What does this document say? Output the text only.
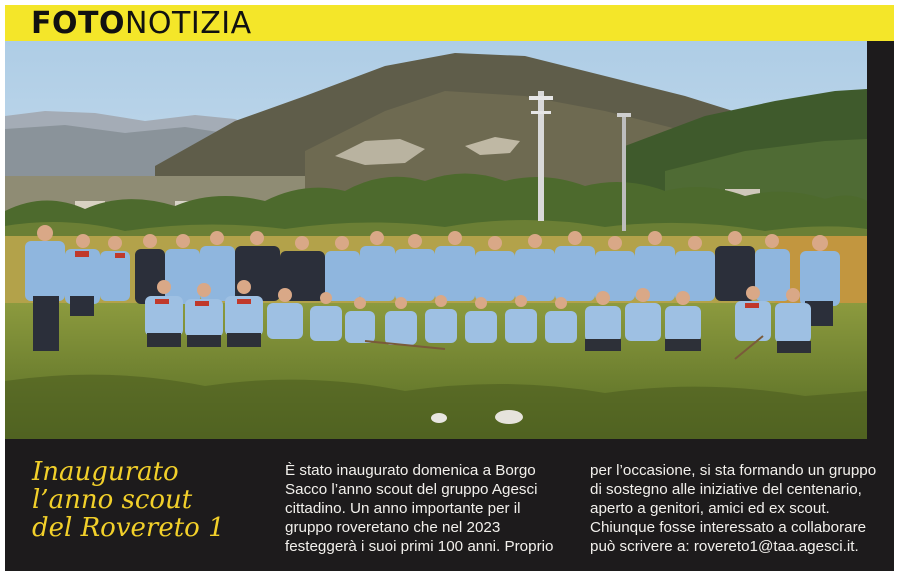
FOTONOTIZIA
Inaugurato
l’anno scout
del Rovereto 1
È stato inaugurato domenica a Borgo
Sacco l’anno scout del gruppo Agesci
cittadino. Un anno importante per il
gruppo roveretano che nel 2023
festeggerà i suoi primi 100 anni. Proprio
per l’occasione, si sta formando un gruppo
di sostegno alle iniziative del centenario,
aperto a genitori, amici ed ex scout.
Chiunque fosse interessato a collaborare
può scrivere a: rovereto1@taa.agesci.it.
